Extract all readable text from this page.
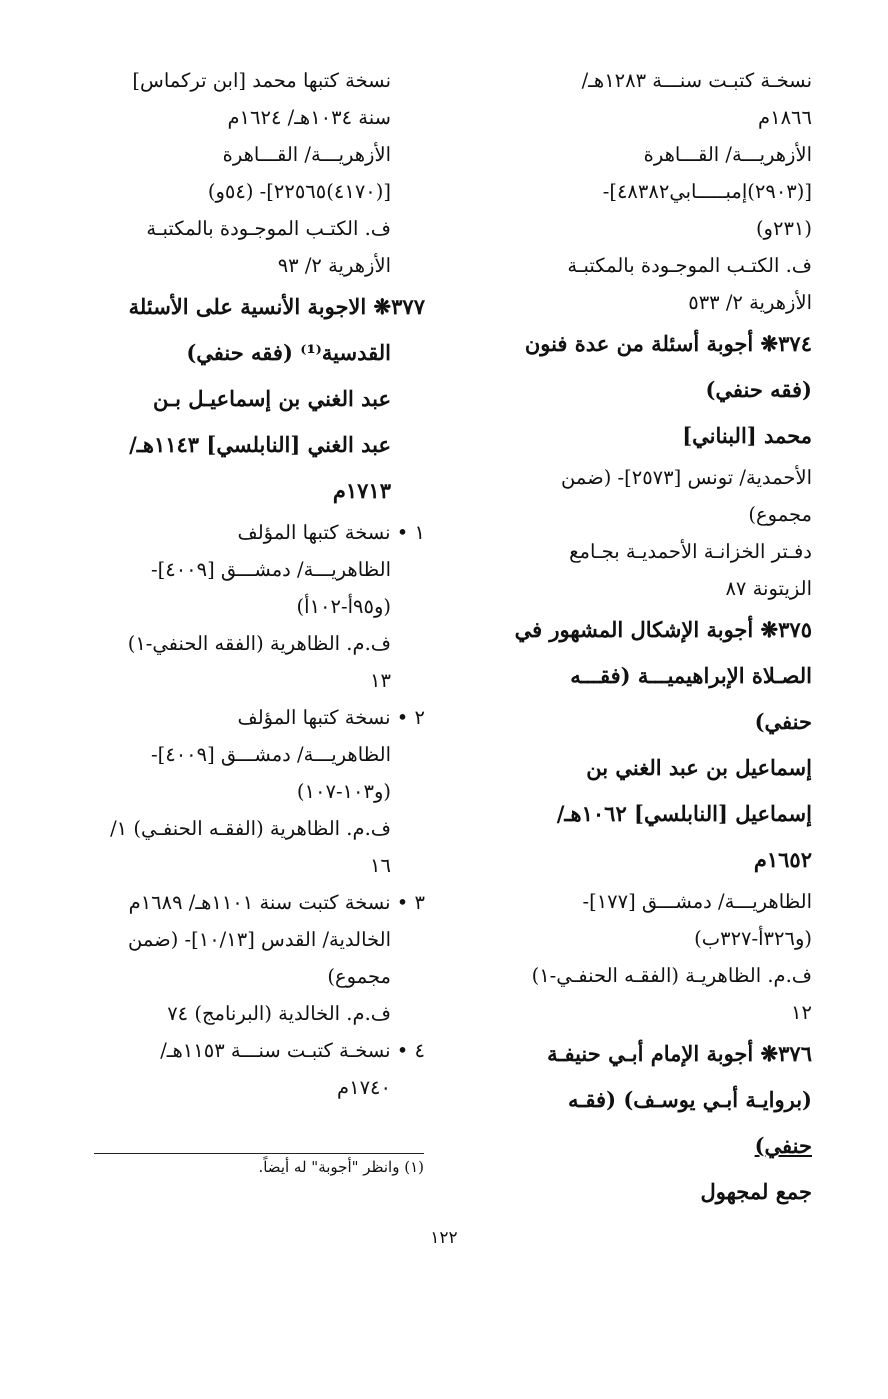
نسخـة كتبـت سنـــة ١٢٨٣هـ/
١٨٦٦م
الأزهريـــة/ القـــاهرة
[(٢٩٠٣)إمبـــــابي٤٨٣٨٢]-
(٢٣١و)
ف. الكتـب الموجـودة بالمكتبـة
الأزهرية ٢/ ٥٣٣
٣٧٤❋ أجوبة أسئلة من عدة فنون
(فقه حنفي)
محمد [البناني]
الأحمدية/ تونس [٢٥٧٣]- (ضمن
مجموع)
دفـتر الخزانـة الأحمديـة بجـامع
الزيتونة ٨٧
٣٧٥❋ أجوبة الإشكال المشهور في
الصـلاة الإبراهيميـــة (فقـــه
حنفي)
إسماعيل بن عبد الغني بن
إسماعيل [النابلسي] ١٠٦٢هـ/
١٦٥٢م
الظاهريـــة/ دمشـــق [١٧٧]-
(و٣٢٦أ-٣٢٧ب)
ف.م. الظاهريـة (الفقـه الحنفـي-١)
١٢
٣٧٦❋ أجوبة الإمام أبـي حنيفـة
(بروايـة أبـي يوسـف) (فقـه
حنفي)
جمع لمجهول
نسخة كتبها محمد [ابن تركماس]
سنة ١٠٣٤هـ/ ١٦٢٤م
الأزهريـــة/ القـــاهرة
[(٤١٧٠)٢٢٥٦٥]- (٥٤و)
ف. الكتـب الموجـودة بالمكتبـة
الأزهرية ٢/ ٩٣
٣٧٧❋ الاجوبة الأنسية على الأسئلة
القدسية⁽¹⁾ (فقه حنفي)
عبد الغني بن إسماعيـل بـن
عبد الغني [النابلسي] ١١٤٣هـ/
١٧١٣م
١ • نسخة كتبها المؤلف
الظاهريـــة/ دمشـــق [٤٠٠٩]-
(و٩٥أ-١٠٢أ)
ف.م. الظاهرية (الفقه الحنفي-١)
١٣
٢ • نسخة كتبها المؤلف
الظاهريـــة/ دمشـــق [٤٠٠٩]-
(و١٠٣-١٠٧)
ف.م. الظاهرية (الفقـه الحنفـي) ١/
١٦
٣ • نسخة كتبت سنة ١١٠١هـ/ ١٦٨٩م
الخالدية/ القدس [١٠/١٣]- (ضمن
مجموع)
ف.م. الخالدية (البرنامج) ٧٤
٤ • نسخـة كتبـت سنـــة ١١٥٣هـ/
١٧٤٠م
(١) وانظر "أجوبة" له أيضاً.
١٢٢
